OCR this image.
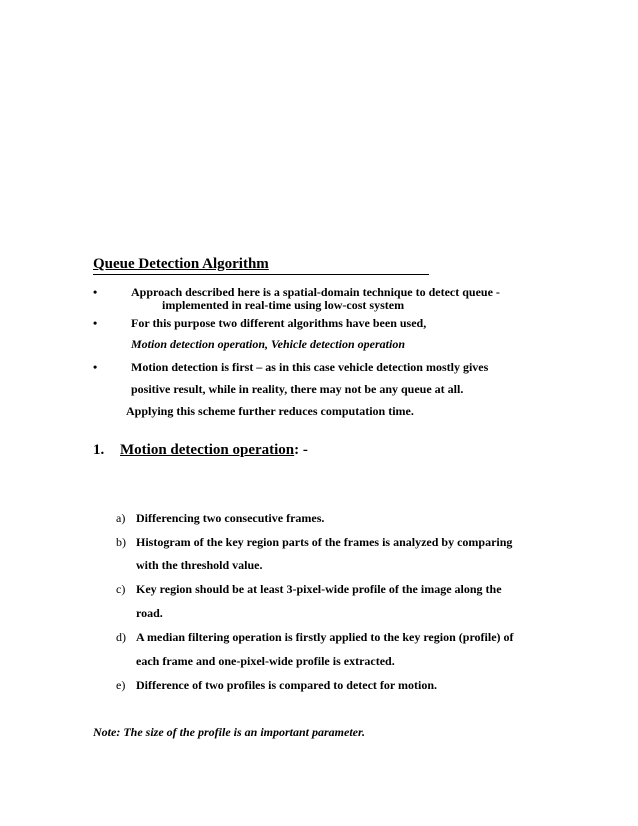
Queue Detection Algorithm
•	Approach described here is a spatial-domain technique to detect queue -
implemented in real-time using low-cost system
•	For this purpose two different algorithms have been used,
Motion detection operation, Vehicle detection operation
•	Motion detection is first – as in this case vehicle detection mostly gives
positive result, while in reality, there may not be any queue at all.
Applying this scheme further reduces computation time.
1. Motion detection operation: -
a) Differencing two consecutive frames.
b) Histogram of the key region parts of the frames is analyzed by comparing
with the threshold value.
c) Key region should be at least 3-pixel-wide profile of the image along the
road.
d) A median filtering operation is firstly applied to the key region (profile) of
each frame and one-pixel-wide profile is extracted.
e) Difference of two profiles is compared to detect for motion.
Note: The size of the profile is an important parameter.
